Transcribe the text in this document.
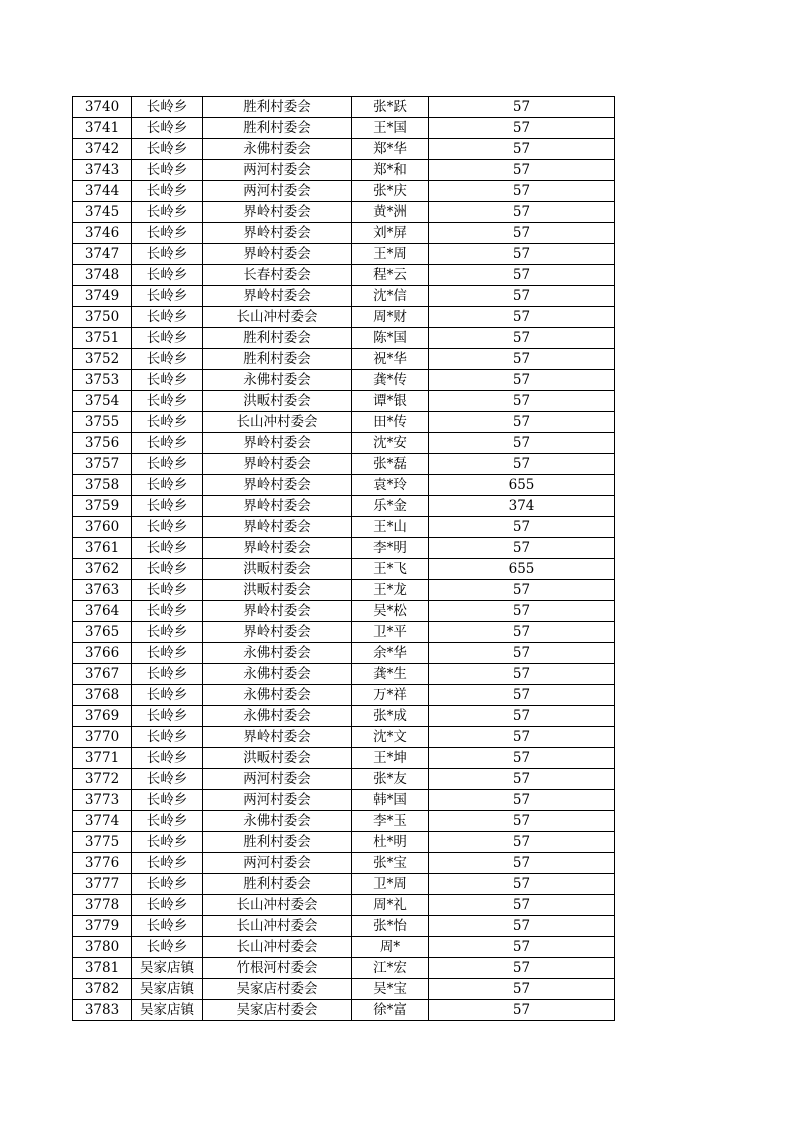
3740	长岭乡	胜利村委会	张*跃	57
3741	长岭乡	胜利村委会	王*国	57
3742	长岭乡	永佛村委会	郑*华	57
3743	长岭乡	两河村委会	郑*和	57
3744	长岭乡	两河村委会	张*庆	57
3745	长岭乡	界岭村委会	黄*洲	57
3746	长岭乡	界岭村委会	刘*屏	57
3747	长岭乡	界岭村委会	王*周	57
3748	长岭乡	长春村委会	程*云	57
3749	长岭乡	界岭村委会	沈*信	57
3750	长岭乡	长山冲村委会	周*财	57
3751	长岭乡	胜利村委会	陈*国	57
3752	长岭乡	胜利村委会	祝*华	57
3753	长岭乡	永佛村委会	龚*传	57
3754	长岭乡	洪畈村委会	谭*银	57
3755	长岭乡	长山冲村委会	田*传	57
3756	长岭乡	界岭村委会	沈*安	57
3757	长岭乡	界岭村委会	张*磊	57
3758	长岭乡	界岭村委会	袁*玲	655
3759	长岭乡	界岭村委会	乐*金	374
3760	长岭乡	界岭村委会	王*山	57
3761	长岭乡	界岭村委会	李*明	57
3762	长岭乡	洪畈村委会	王*飞	655
3763	长岭乡	洪畈村委会	王*龙	57
3764	长岭乡	界岭村委会	吴*松	57
3765	长岭乡	界岭村委会	卫*平	57
3766	长岭乡	永佛村委会	余*华	57
3767	长岭乡	永佛村委会	龚*生	57
3768	长岭乡	永佛村委会	万*祥	57
3769	长岭乡	永佛村委会	张*成	57
3770	长岭乡	界岭村委会	沈*文	57
3771	长岭乡	洪畈村委会	王*坤	57
3772	长岭乡	两河村委会	张*友	57
3773	长岭乡	两河村委会	韩*国	57
3774	长岭乡	永佛村委会	李*玉	57
3775	长岭乡	胜利村委会	杜*明	57
3776	长岭乡	两河村委会	张*宝	57
3777	长岭乡	胜利村委会	卫*周	57
3778	长岭乡	长山冲村委会	周*礼	57
3779	长岭乡	长山冲村委会	张*怡	57
3780	长岭乡	长山冲村委会	周*	57
3781	吴家店镇	竹根河村委会	江*宏	57
3782	吴家店镇	吴家店村委会	吴*宝	57
3783	吴家店镇	吴家店村委会	徐*富	57
